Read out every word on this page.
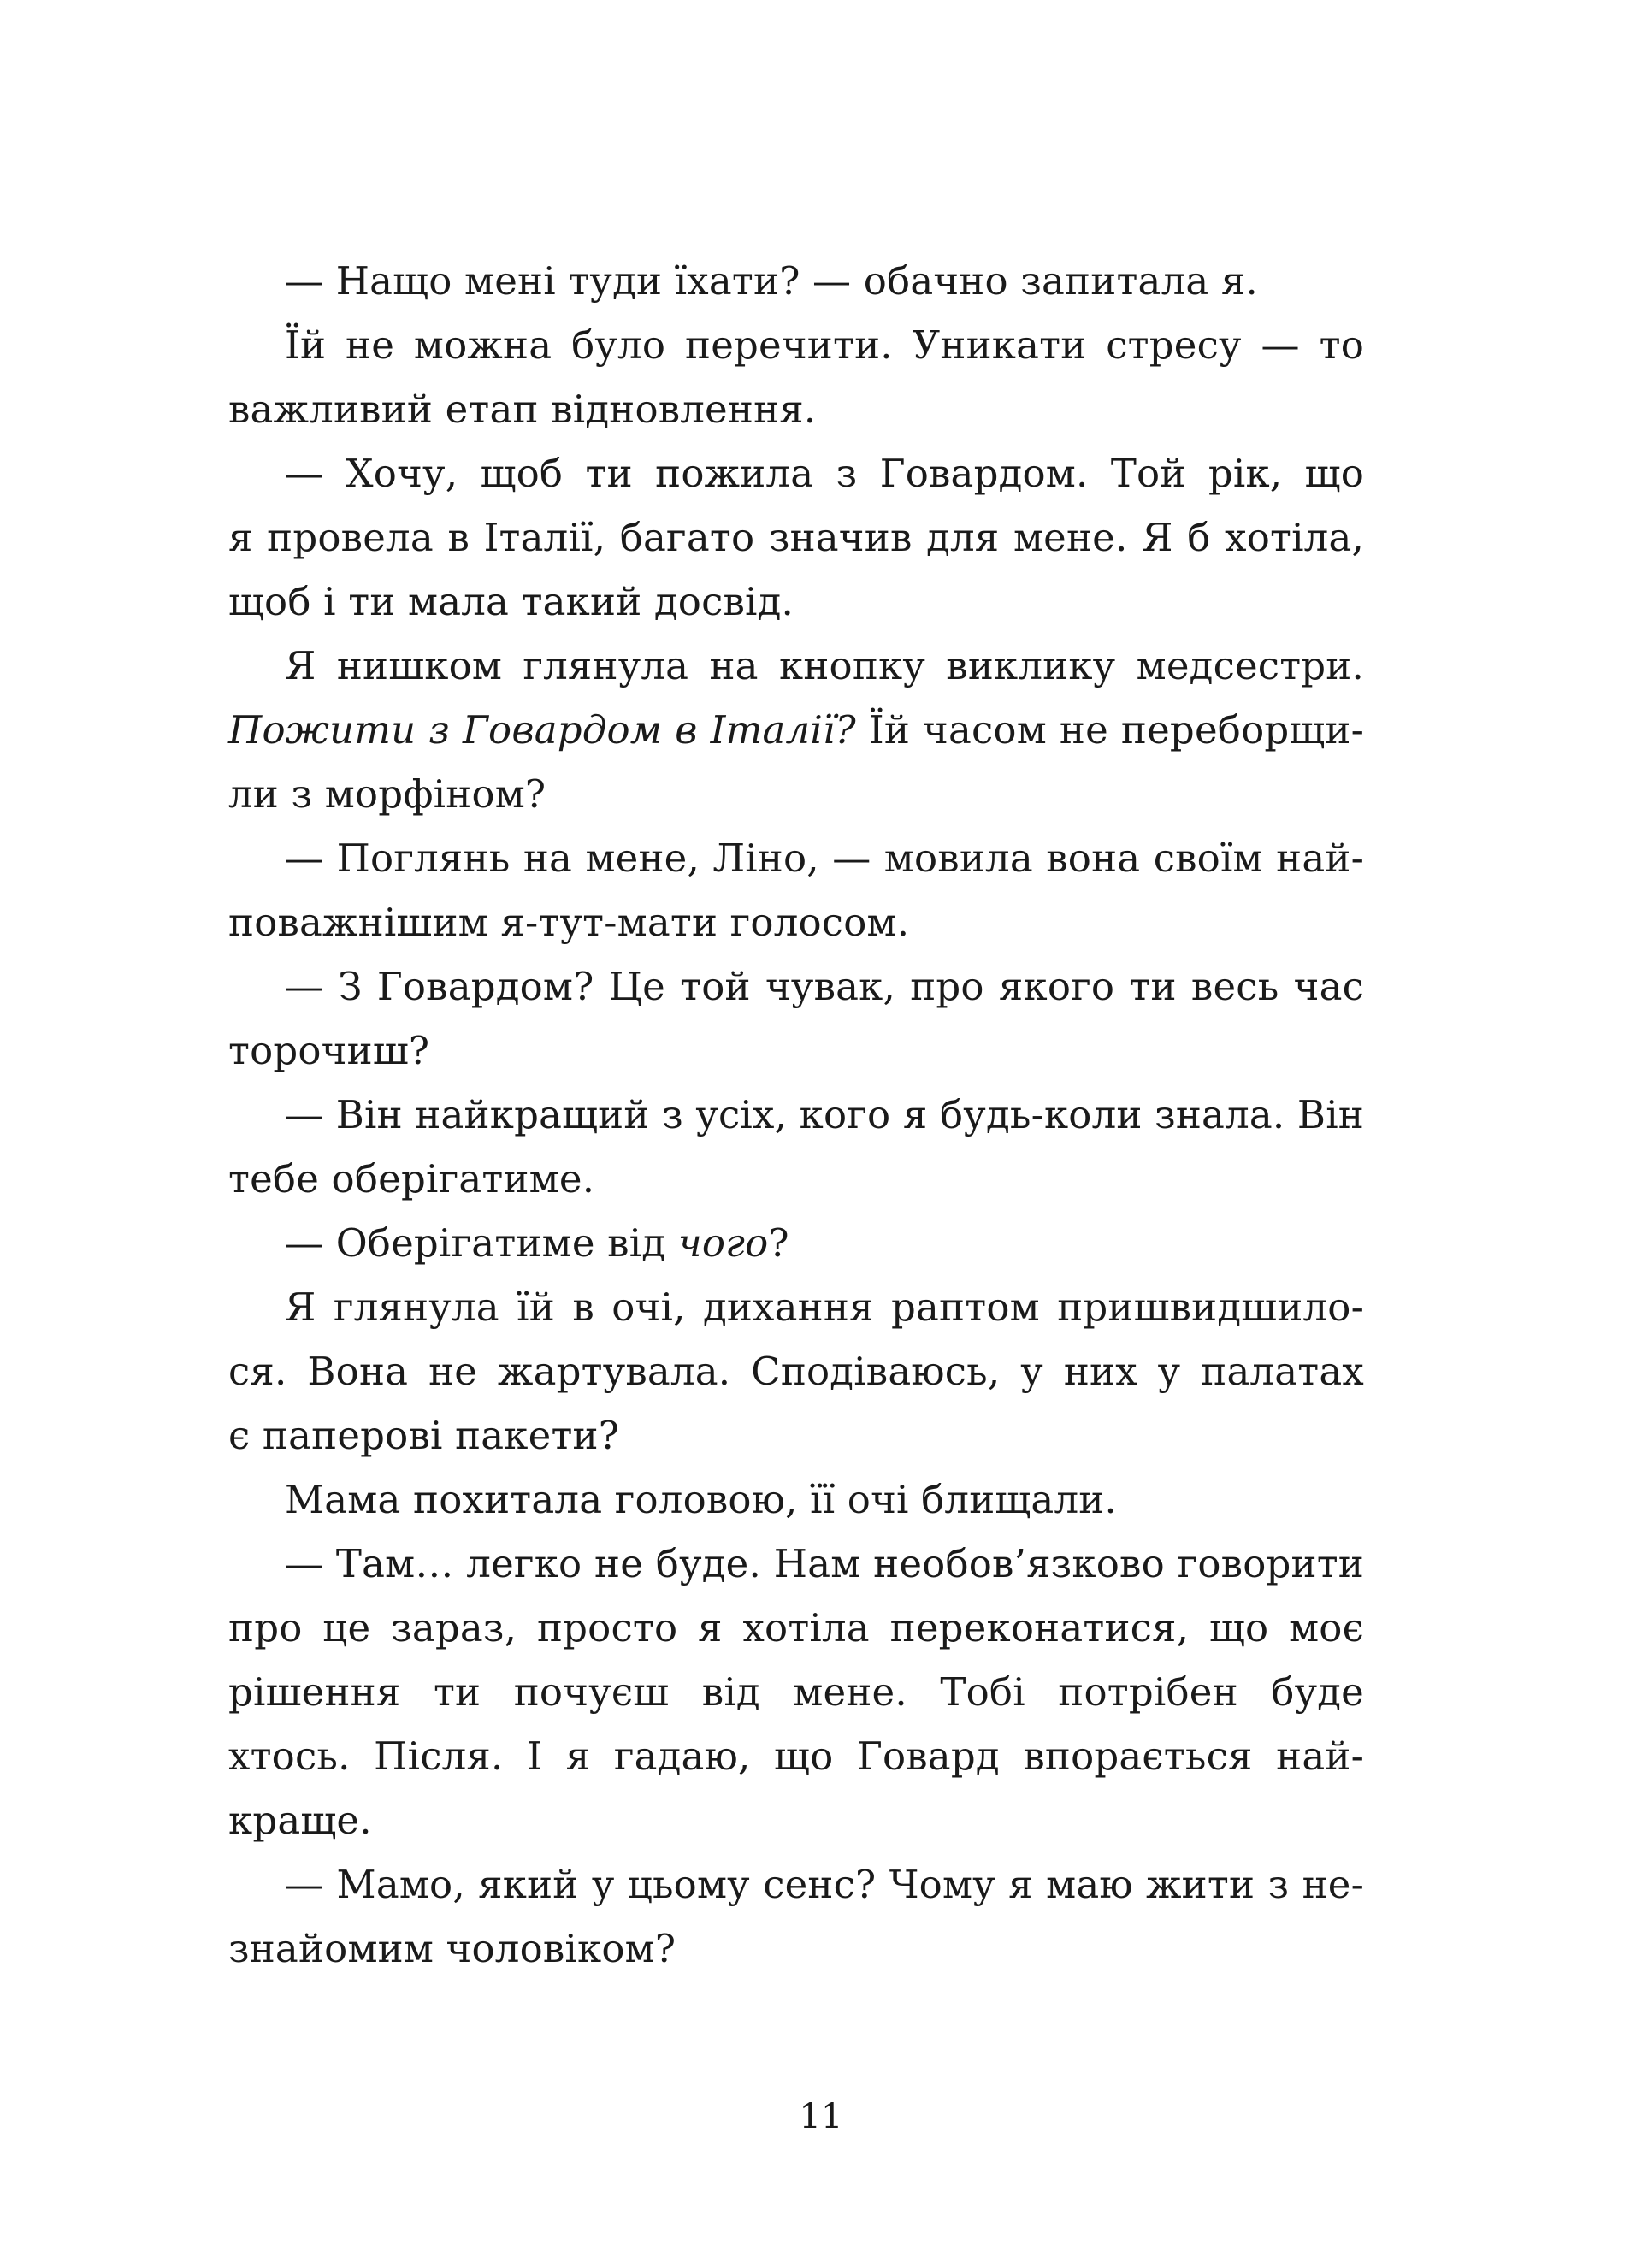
— Нащо мені туди їхати? — обачно запитала я.
Їй не можна було перечити. Уникати стресу — то
важливий етап відновлення.
— Хочу, щоб ти пожила з Говардом. Той рік, що
я провела в Італії, багато значив для мене. Я б хотіла,
щоб і ти мала такий досвід.
Я нишком глянула на кнопку виклику медсестри.
Пожити з Говардом в Італії? Їй часом не переборщи-
ли з морфіном?
— Поглянь на мене, Ліно, — мовила вона своїм най-
поважнішим я-тут-мати голосом.
— З Говардом? Це той чувак, про якого ти весь час
торочиш?
— Він найкращий з усіх, кого я будь-коли знала. Він
тебе оберігатиме.
— Оберігатиме від чого?
Я глянула їй в очі, дихання раптом пришвидшило-
ся. Вона не жартувала. Сподіваюсь, у них у палатах
є паперові пакети?
Мама похитала головою, її очі блищали.
— Там… легко не буде. Нам необов’язково говорити
про це зараз, просто я хотіла переконатися, що моє
рішення ти почуєш від мене. Тобі потрібен буде
хтось. Після. І я гадаю, що Говард впорається най-
краще.
— Мамо, який у цьому сенс? Чому я маю жити з не-
знайомим чоловіком?
11
